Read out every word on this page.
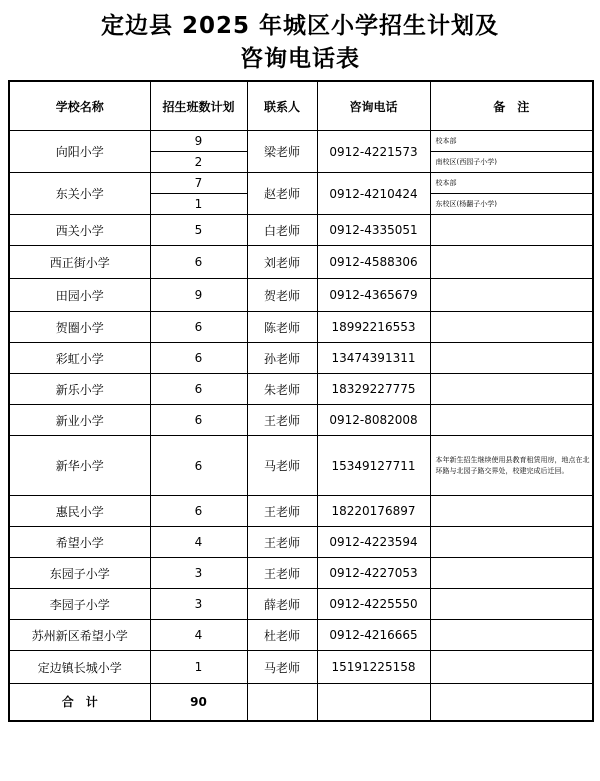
定边县 2025 年城区小学招生计划及
咨询电话表
学校名称	招生班数计划	联系人	咨询电话	备　注
向阳小学	9	梁老师	0912-4221573	校本部
	2			南校区(西园子小学)
东关小学	7	赵老师	0912-4210424	校本部
	1			东校区(杨翻子小学)
西关小学	5	白老师	0912-4335051	
西正街小学	6	刘老师	0912-4588306	
田园小学	9	贺老师	0912-4365679	
贺圈小学	6	陈老师	18992216553	
彩虹小学	6	孙老师	13474391311	
新乐小学	6	朱老师	18329227775	
新业小学	6	王老师	0912-8082008	
新华小学	6	马老师	15349127711	本年新生招生继续使用县教育租赁用房，地点在北环路与北园子路交界处，校建完成后迁回。
惠民小学	6	王老师	18220176897	
希望小学	4	王老师	0912-4223594	
东园子小学	3	王老师	0912-4227053	
李园子小学	3	薛老师	0912-4225550	
苏州新区希望小学	4	杜老师	0912-4216665	
定边镇长城小学	1	马老师	15191225158	
合　计	90			
